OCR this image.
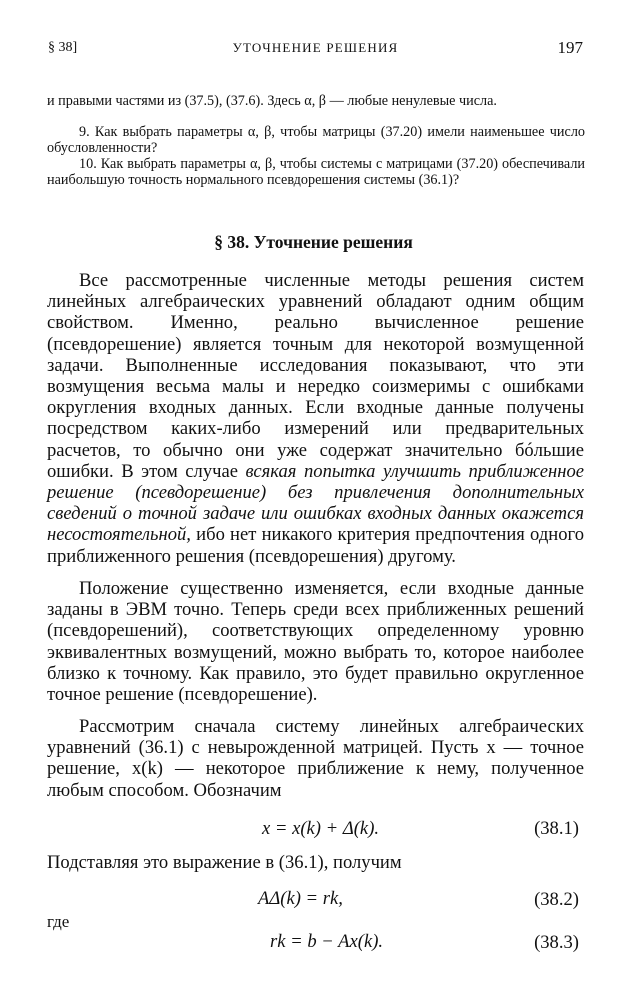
§ 38]	УТОЧНЕНИЕ РЕШЕНИЯ	197

и правыми частями из (37.5), (37.6). Здесь α, β — любые ненулевые числа.

9. Как выбрать параметры α, β, чтобы матрицы (37.20) имели наименьшее число обусловленности?

10. Как выбрать параметры α, β, чтобы системы с матрицами (37.20) обеспечивали наибольшую точность нормального псевдорешения системы (36.1)?

§ 38. Уточнение решения

Все рассмотренные численные методы решения систем линейных алгебраических уравнений обладают одним общим свойством. Именно, реально вычисленное решение (псевдорешение) является точным для некоторой возмущенной задачи. Выполненные исследования показывают, что эти возмущения весьма малы и нередко соизмеримы с ошибками округления входных данных. Если входные данные получены посредством каких-либо измерений или предварительных расчетов, то обычно они уже содержат значительно бóльшие ошибки. В этом случае всякая попытка улучшить приближенное решение (псевдорешение) без привлечения дополнительных сведений о точной задаче или ошибках входных данных окажется несостоятельной, ибо нет никакого критерия предпочтения одного приближенного решения (псевдорешения) другому.

Положение существенно изменяется, если входные данные заданы в ЭВМ точно. Теперь среди всех приближенных решений (псевдорешений), соответствующих определенному уровню эквивалентных возмущений, можно выбрать то, которое наиболее близко к точному. Как правило, это будет правильно округленное точное решение (псевдорешение).

Рассмотрим сначала систему линейных алгебраических уравнений (36.1) с невырожденной матрицей. Пусть x — точное решение, x(k) — некоторое приближение к нему, полученное любым способом. Обозначим

x = x(k) + Δ(k).	(38.1)
Подставляя это выражение в (36.1), получим
AΔ(k) = rk,	(38.2)
где
rk = b − Ax(k).	(38.3)
